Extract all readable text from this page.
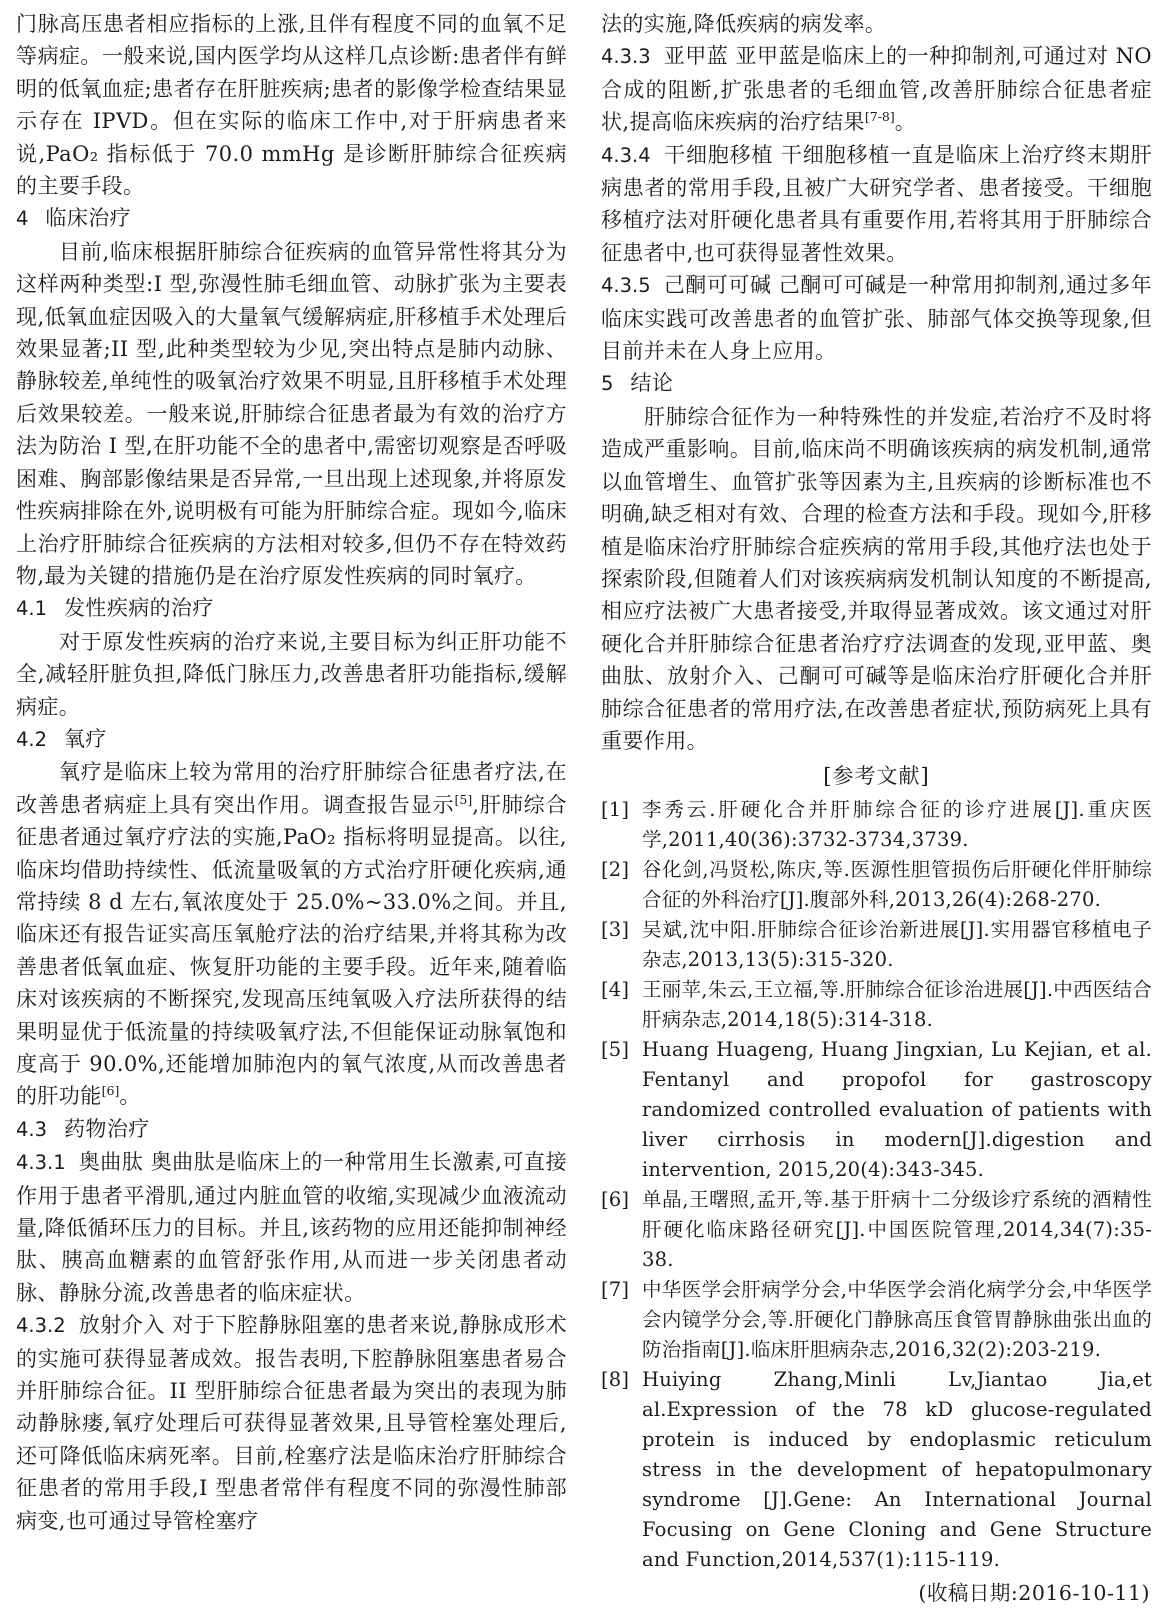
门脉高压患者相应指标的上涨,且伴有程度不同的血氧不足等病症。一般来说,国内医学均从这样几点诊断:患者伴有鲜明的低氧血症;患者存在肝脏疾病;患者的影像学检查结果显示存在 IPVD。但在实际的临床工作中,对于肝病患者来说,PaO₂ 指标低于 70.0 mmHg 是诊断肝肺综合征疾病的主要手段。

4 临床治疗

目前,临床根据肝肺综合征疾病的血管异常性将其分为这样两种类型:I 型,弥漫性肺毛细血管、动脉扩张为主要表现,低氧血症因吸入的大量氧气缓解病症,肝移植手术处理后效果显著;II 型,此种类型较为少见,突出特点是肺内动脉、静脉较差,单纯性的吸氧治疗效果不明显,且肝移植手术处理后效果较差。一般来说,肝肺综合征患者最为有效的治疗方法为防治 I 型,在肝功能不全的患者中,需密切观察是否呼吸困难、胸部影像结果是否异常,一旦出现上述现象,并将原发性疾病排除在外,说明极有可能为肝肺综合症。现如今,临床上治疗肝肺综合征疾病的方法相对较多,但仍不存在特效药物,最为关键的措施仍是在治疗原发性疾病的同时氧疗。

4.1 发性疾病的治疗

对于原发性疾病的治疗来说,主要目标为纠正肝功能不全,减轻肝脏负担,降低门脉压力,改善患者肝功能指标,缓解病症。

4.2 氧疗

氧疗是临床上较为常用的治疗肝肺综合征患者疗法,在改善患者病症上具有突出作用。调查报告显示[5],肝肺综合征患者通过氧疗疗法的实施,PaO₂ 指标将明显提高。以往,临床均借助持续性、低流量吸氧的方式治疗肝硬化疾病,通常持续 8 d 左右,氧浓度处于 25.0%~33.0%之间。并且,临床还有报告证实高压氧舱疗法的治疗结果,并将其称为改善患者低氧血症、恢复肝功能的主要手段。近年来,随着临床对该疾病的不断探究,发现高压纯氧吸入疗法所获得的结果明显优于低流量的持续吸氧疗法,不但能保证动脉氧饱和度高于 90.0%,还能增加肺泡内的氧气浓度,从而改善患者的肝功能[6]。

4.3 药物治疗

4.3.1 奥曲肽 奥曲肽是临床上的一种常用生长激素,可直接作用于患者平滑肌,通过内脏血管的收缩,实现减少血液流动量,降低循环压力的目标。并且,该药物的应用还能抑制神经肽、胰高血糖素的血管舒张作用,从而进一步关闭患者动脉、静脉分流,改善患者的临床症状。

4.3.2 放射介入 对于下腔静脉阻塞的患者来说,静脉成形术的实施可获得显著成效。报告表明,下腔静脉阻塞患者易合并肝肺综合征。II 型肝肺综合征患者最为突出的表现为肺动静脉瘘,氧疗处理后可获得显著效果,且导管栓塞处理后,还可降低临床病死率。目前,栓塞疗法是临床治疗肝肺综合征患者的常用手段,I 型患者常伴有程度不同的弥漫性肺部病变,也可通过导管栓塞疗

法的实施,降低疾病的病发率。

4.3.3 亚甲蓝 亚甲蓝是临床上的一种抑制剂,可通过对 NO 合成的阻断,扩张患者的毛细血管,改善肝肺综合征患者症状,提高临床疾病的治疗结果[7-8]。

4.3.4 干细胞移植 干细胞移植一直是临床上治疗终末期肝病患者的常用手段,且被广大研究学者、患者接受。干细胞移植疗法对肝硬化患者具有重要作用,若将其用于肝肺综合征患者中,也可获得显著性效果。

4.3.5 己酮可可碱 己酮可可碱是一种常用抑制剂,通过多年临床实践可改善患者的血管扩张、肺部气体交换等现象,但目前并未在人身上应用。

5 结论

肝肺综合征作为一种特殊性的并发症,若治疗不及时将造成严重影响。目前,临床尚不明确该疾病的病发机制,通常以血管增生、血管扩张等因素为主,且疾病的诊断标准也不明确,缺乏相对有效、合理的检查方法和手段。现如今,肝移植是临床治疗肝肺综合症疾病的常用手段,其他疗法也处于探索阶段,但随着人们对该疾病病发机制认知度的不断提高,相应疗法被广大患者接受,并取得显著成效。该文通过对肝硬化合并肝肺综合征患者治疗疗法调查的发现,亚甲蓝、奥曲肽、放射介入、己酮可可碱等是临床治疗肝硬化合并肝肺综合征患者的常用疗法,在改善患者症状,预防病死上具有重要作用。

[参考文献]
[1] 李秀云.肝硬化合并肝肺综合征的诊疗进展[J].重庆医学,2011,40(36):3732-3734,3739.
[2] 谷化剑,冯贤松,陈庆,等.医源性胆管损伤后肝硬化伴肝肺综合征的外科治疗[J].腹部外科,2013,26(4):268-270.
[3] 吴斌,沈中阳.肝肺综合征诊治新进展[J].实用器官移植电子杂志,2013,13(5):315-320.
[4] 王丽苹,朱云,王立福,等.肝肺综合征诊治进展[J].中西医结合肝病杂志,2014,18(5):314-318.
[5] Huang Huageng, Huang Jingxian, Lu Kejian, et al. Fentanyl and propofol for gastroscopy randomized controlled evaluation of patients with liver cirrhosis in modern[J].digestion and intervention, 2015,20(4):343-345.
[6] 单晶,王曙照,孟开,等.基于肝病十二分级诊疗系统的酒精性肝硬化临床路径研究[J].中国医院管理,2014,34(7):35-38.
[7] 中华医学会肝病学分会,中华医学会消化病学分会,中华医学会内镜学分会,等.肝硬化门静脉高压食管胃静脉曲张出血的防治指南[J].临床肝胆病杂志,2016,32(2):203-219.
[8] Huiying Zhang,Minli Lv,Jiantao Jia,et al.Expression of the 78 kD glucose-regulated protein is induced by endoplasmic reticulum stress in the development of hepatopulmonary syndrome [J].Gene: An International Journal Focusing on Gene Cloning and Gene Structure and Function,2014,537(1):115-119.
(收稿日期:2016-10-11)
